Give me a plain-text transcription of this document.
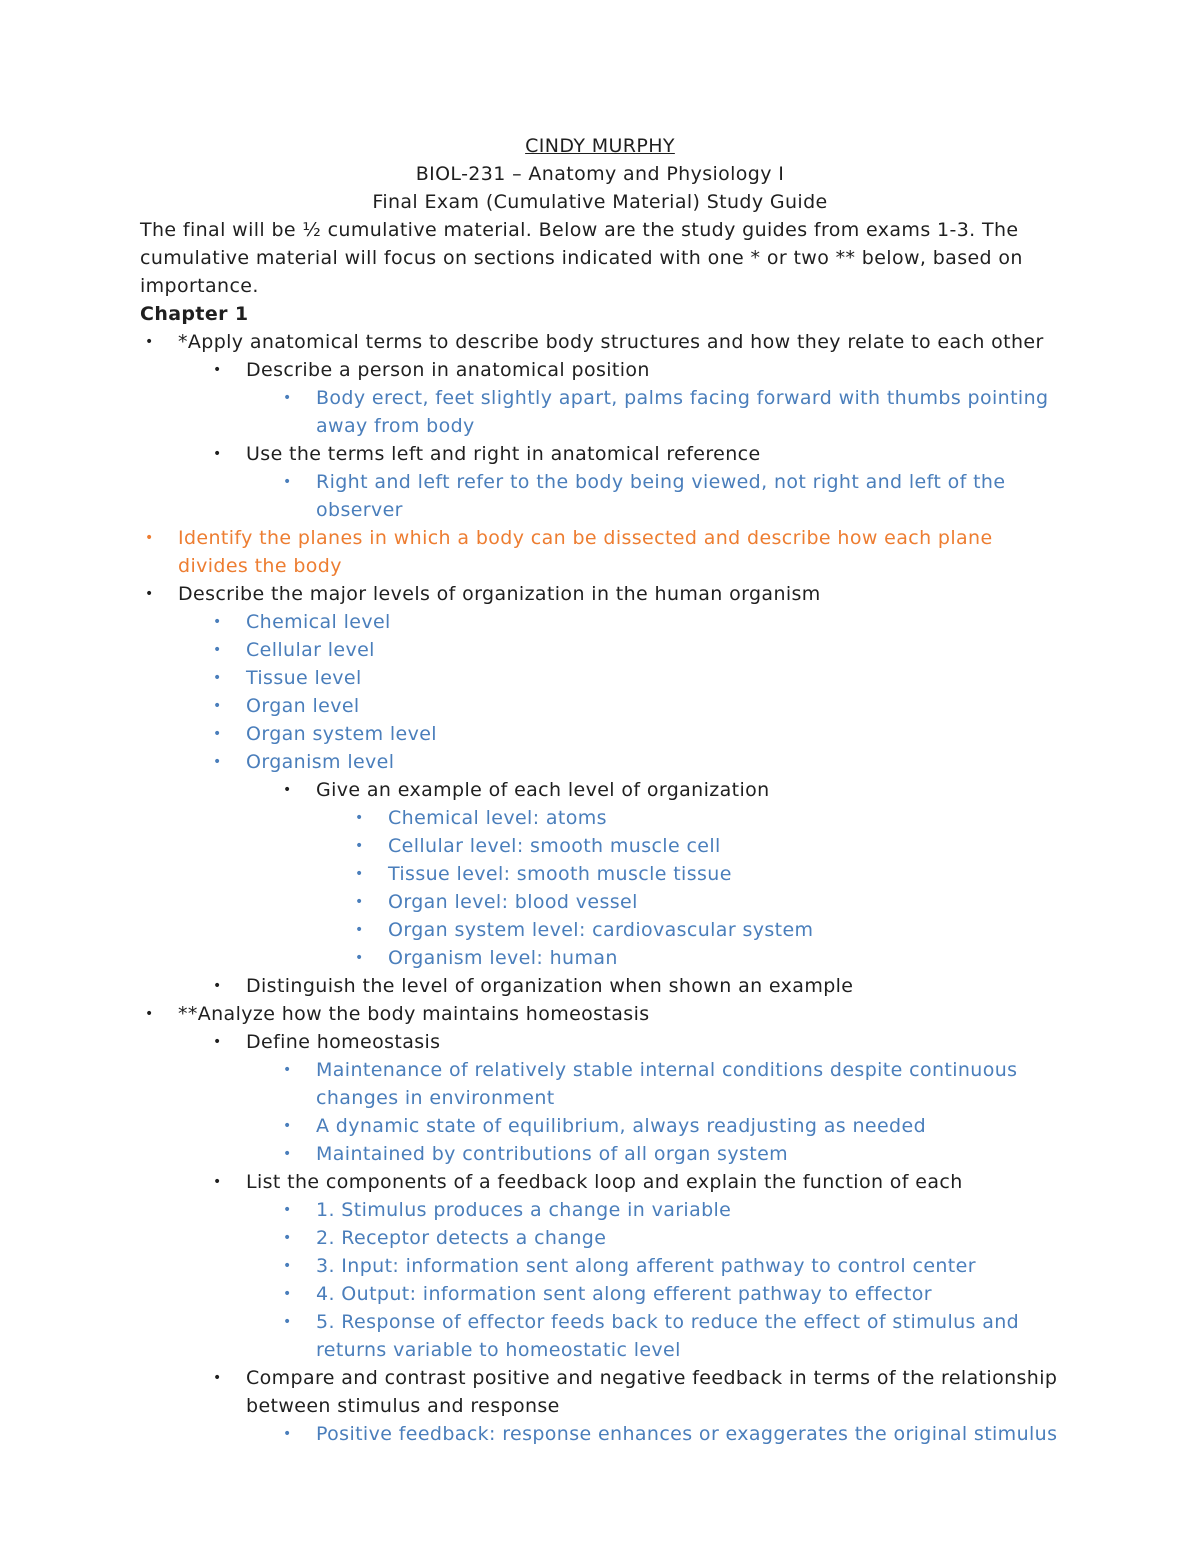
CINDY MURPHY
BIOL-231 – Anatomy and Physiology I
Final Exam (Cumulative Material) Study Guide

The final will be ½ cumulative material. Below are the study guides from exams 1-3. The cumulative material will focus on sections indicated with one * or two ** below, based on importance.

Chapter 1
•	*Apply anatomical terms to describe body structures and how they relate to each other
•	Describe a person in anatomical position
•	Body erect, feet slightly apart, palms facing forward with thumbs pointing away from body
•	Use the terms left and right in anatomical reference
•	Right and left refer to the body being viewed, not right and left of the observer
•	Identify the planes in which a body can be dissected and describe how each plane divides the body
•	Describe the major levels of organization in the human organism
•	Chemical level
•	Cellular level
•	Tissue level
•	Organ level
•	Organ system level
•	Organism level
•	Give an example of each level of organization
•	Chemical level: atoms
•	Cellular level: smooth muscle cell
•	Tissue level: smooth muscle tissue
•	Organ level: blood vessel
•	Organ system level: cardiovascular system
•	Organism level: human
•	Distinguish the level of organization when shown an example
•	**Analyze how the body maintains homeostasis
•	Define homeostasis
•	Maintenance of relatively stable internal conditions despite continuous changes in environment
•	A dynamic state of equilibrium, always readjusting as needed
•	Maintained by contributions of all organ system
•	List the components of a feedback loop and explain the function of each
•	1. Stimulus produces a change in variable
•	2. Receptor detects a change
•	3. Input: information sent along afferent pathway to control center
•	4. Output: information sent along efferent pathway to effector
•	5. Response of effector feeds back to reduce the effect of stimulus and returns variable to homeostatic level
•	Compare and contrast positive and negative feedback in terms of the relationship between stimulus and response
•	Positive feedback: response enhances or exaggerates the original stimulus
